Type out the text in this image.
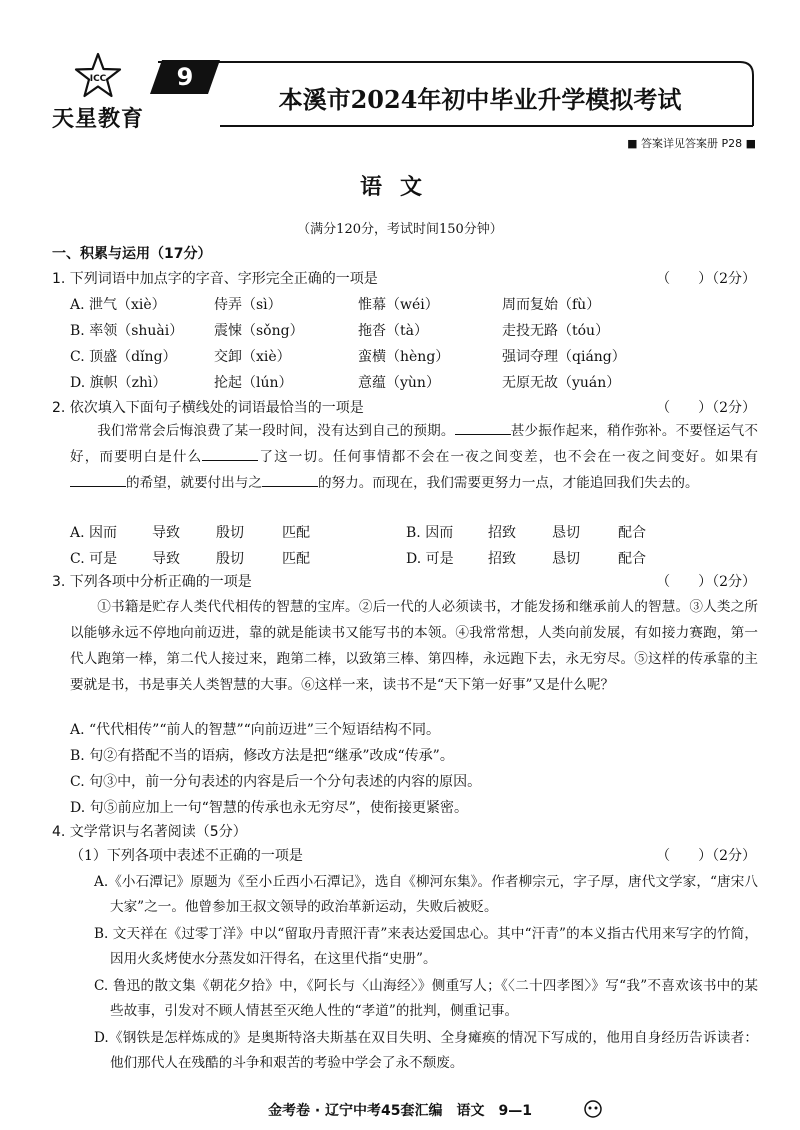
ICC
天星教育
9
本溪市2024年初中毕业升学模拟考试
■ 答案详见答案册 P28 ■
语文
（满分120分，考试时间150分钟）
一、积累与运用（17分）
1. 下列词语中加点字的字音、字形完全正确的一项是	（　　）（2分）
A. 泄气（xiè）	侍弄（sì）	惟幕（wéi）	周而复始（fù）
B. 率领（shuài） 震悚（sǒng）	拖沓（tà）	走投无路（tóu）
C. 顶盛（dǐng）	交卸（xiè）	蛮横（hèng）	强词夺理（qiáng）
D. 旗帜（zhì）	抡起（lún）	意蕴（yùn）	无原无故（yuán）
2. 依次填入下面句子横线处的词语最恰当的一项是	（　　）（2分）
我们常常会后悔浪费了某一段时间，没有达到自己的预期。	甚少振作起来，稍作弥补。不要怪运气不好，而要明白是什么	了这一切。任何事情都不会在一夜之间变差，也不会在一夜之间变好。如果有的希望，就要付出与之	的努力。而现在，我们需要更努力一点，才能追回我们失去的。
A. 因而 导致	殷切	匹配	B. 因而 招致	恳切	配合
C. 可是 导致	殷切	匹配	D. 可是 招致	恳切	配合
3. 下列各项中分析正确的一项是	（　　）（2分）
①书籍是贮存人类代代相传的智慧的宝库。②后一代的人必须读书，才能发扬和继承前人的智慧。③人类之所以能够永远不停地向前迈进，靠的就是能读书又能写书的本领。④我常常想，人类向前发展，有如接力赛跑，第一代人跑第一棒，第二代人接过来，跑第二棒，以致第三棒、第四棒，永远跑下去，永无穷尽。⑤这样的传承靠的主要就是书，书是事关人类智慧的大事。⑥这样一来，读书不是“天下第一好事”又是什么呢？
A. “代代相传”“前人的智慧”“向前迈进”三个短语结构不同。
B. 句②有搭配不当的语病，修改方法是把“继承”改成“传承”。
C. 句③中，前一分句表述的内容是后一个分句表述的内容的原因。
D. 句⑤前应加上一句“智慧的传承也永无穷尽”，使衔接更紧密。
4. 文学常识与名著阅读（5分）
（1）下列各项中表述不正确的一项是	（　　）（2分）
A.《小石潭记》原题为《至小丘西小石潭记》，选自《柳河东集》。作者柳宗元，字子厚，唐代文学家，“唐宋八大家”之一。他曾参加王叔文领导的政治革新运动，失败后被贬。
B. 文天祥在《过零丁洋》中以“留取丹青照汗青”来表达爱国忠心。其中“汗青”的本义指古代用来写字的竹简，因用火炙烤使水分蒸发如汗得名，在这里代指“史册”。
C. 鲁迅的散文集《朝花夕拾》中，《阿长与〈山海经〉》侧重写人；《〈二十四孝图〉》写“我”不喜欢该书中的某些故事，引发对不顾人情甚至灭绝人性的“孝道”的批判，侧重记事。
D.《钢铁是怎样炼成的》是奥斯特洛夫斯基在双目失明、全身瘫痪的情况下写成的，他用自身经历告诉读者：他们那代人在残酷的斗争和艰苦的考验中学会了永不颓废。
金考卷 · 辽宁中考45套汇编　语文　9—1
